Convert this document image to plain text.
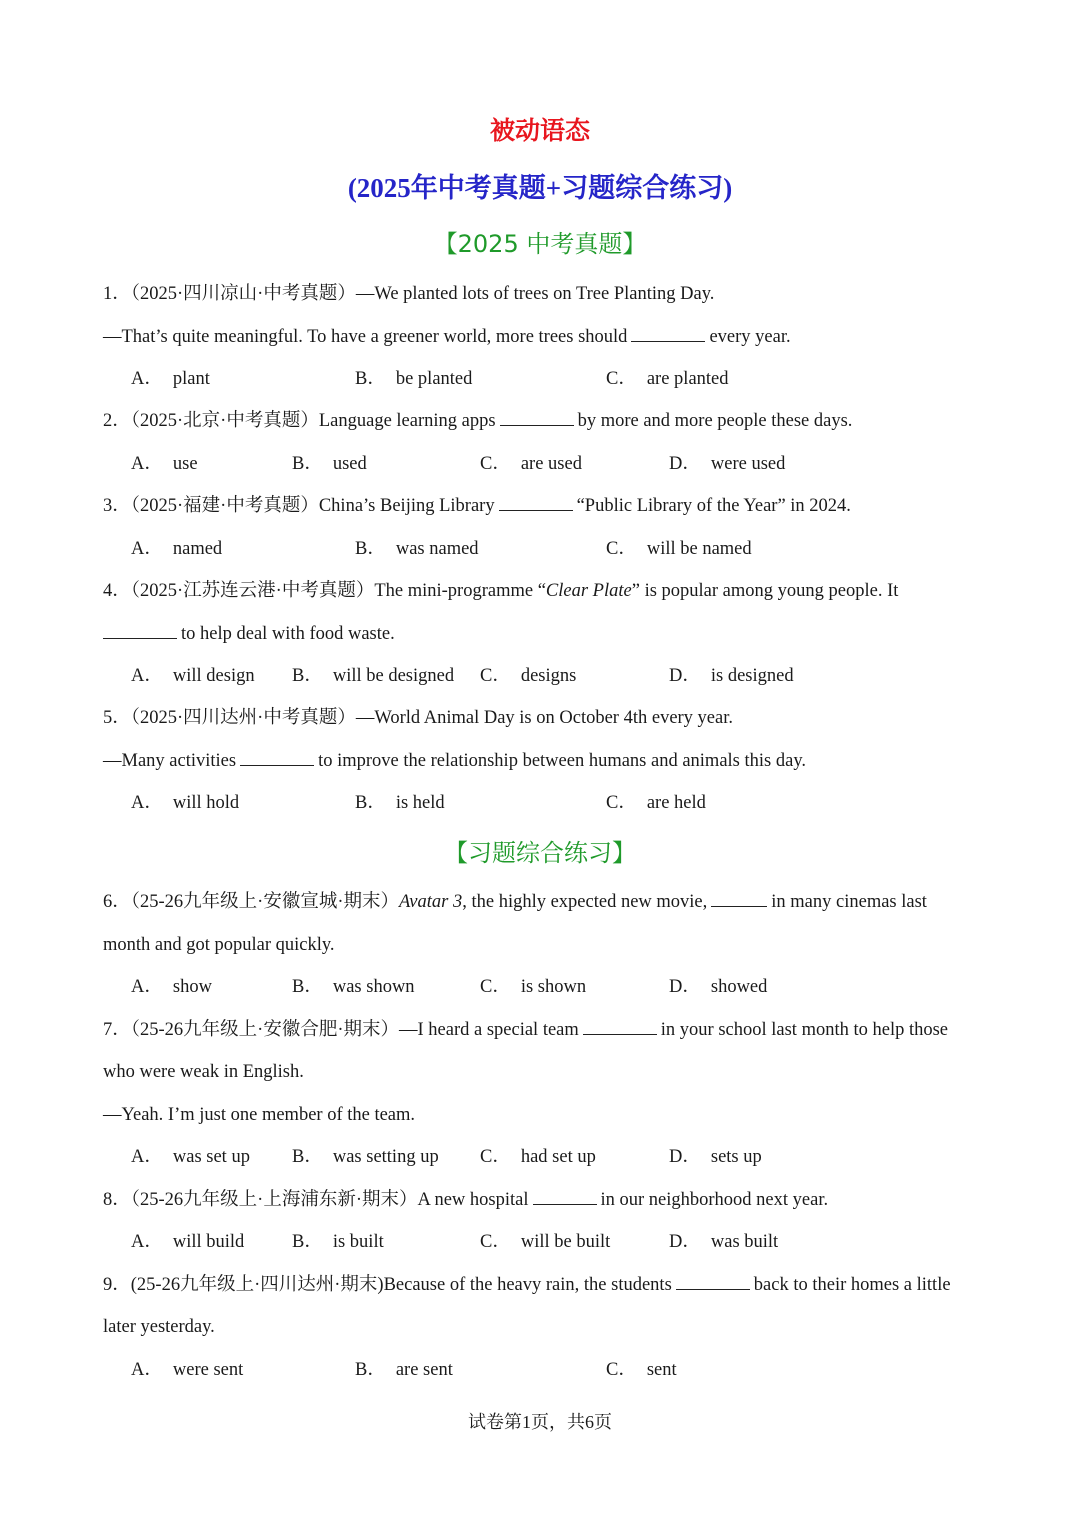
被动语态
(2025年中考真题+习题综合练习)
【2025 中考真题】
1．（2025·四川凉山·中考真题）—We planted lots of trees on Tree Planting Day.
—That’s quite meaningful. To have a greener world, more trees should	every year.
A． plant	B． be planted	C． are planted
2．（2025·北京·中考真题）Language learning apps	by more and more people these days.
A． use	B． used	C． are used	D． were used
3．（2025·福建·中考真题）China’s Beijing Library	“Public Library of the Year” in 2024.
A． named	B． was named	C． will be named
4．（2025·江苏连云港·中考真题）The mini-programme “Clear Plate” is popular among young people. It
to help deal with food waste.
A． will design B． will be designed C． designs	D． is designed
5．（2025·四川达州·中考真题）—World Animal Day is on October 4th every year.
—Many activities	to improve the relationship between humans and animals this day.
A． will hold	B． is held	C． are held
【习题综合练习】
6．（25-26九年级上·安徽宣城·期末）Avatar 3, the highly expected new movie,	in many cinemas last
month and got popular quickly.
A． show	B． was shown	C． is shown	D． showed
7．（25-26九年级上·安徽合肥·期末）—I heard a special team	in your school last month to help those
who were weak in English.
—Yeah. I’m just one member of the team.
A． was set up B． was setting up C． had set up	D． sets up
8．（25-26九年级上·上海浦东新·期末）A new hospital	in our neighborhood next year.
A． will build	B． is built	C． will be built	D． was built
9．(25-26九年级上·四川达州·期末)Because of the heavy rain, the students	back to their homes a little
later yesterday.
A． were sent	B． are sent	C． sent
试卷第1页，共6页
